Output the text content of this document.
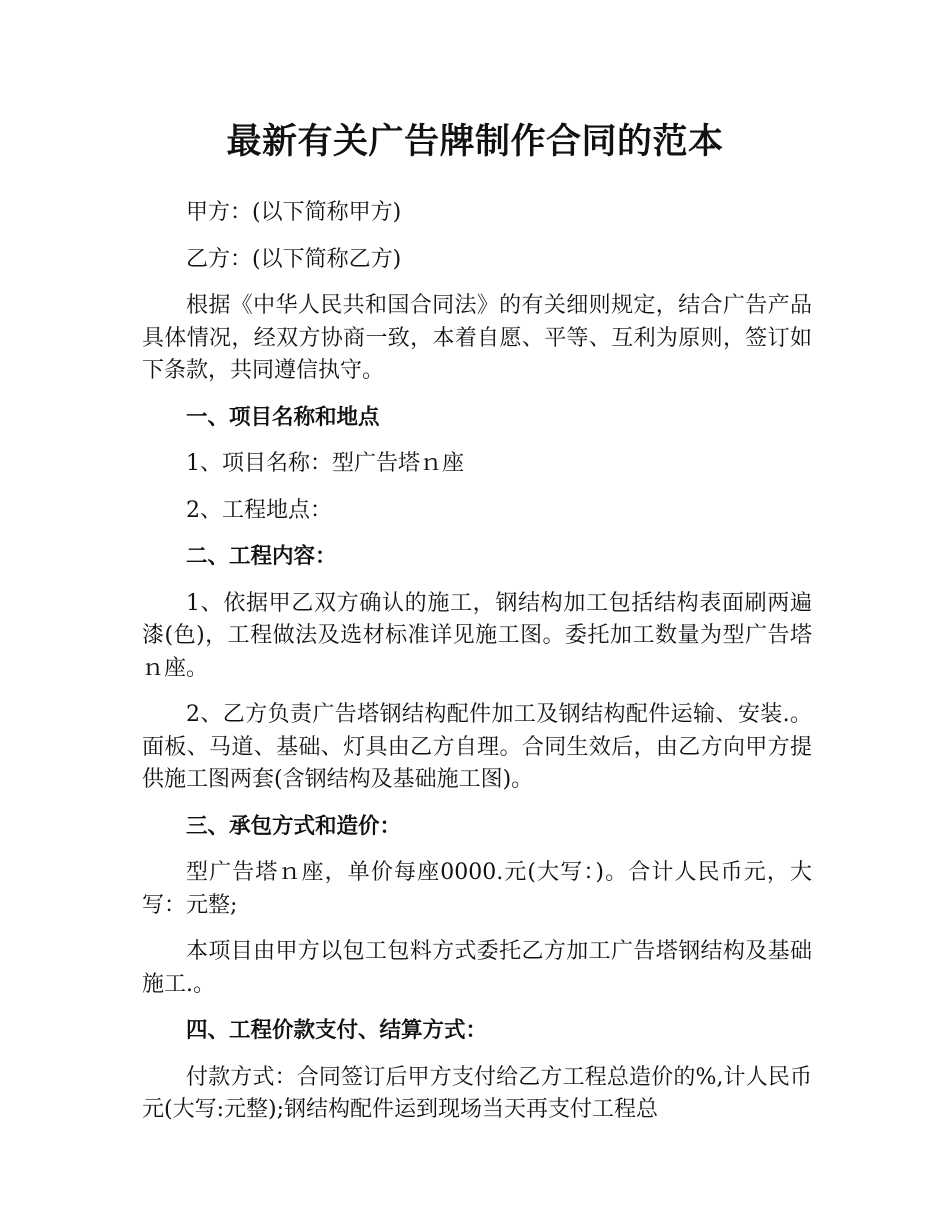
最新有关广告牌制作合同的范本

甲方：(以下简称甲方)

乙方：(以下简称乙方)

根据《中华人民共和国合同法》的有关细则规定，结合广告产品具体情况，经双方协商一致，本着自愿、平等、互利为原则，签订如下条款，共同遵信执守。

一、项目名称和地点

1、项目名称：型广告塔ｎ座

2、工程地点：

二、工程内容：

1、依据甲乙双方确认的施工，钢结构加工包括结构表面刷两遍漆(色)，工程做法及选材标准详见施工图。委托加工数量为型广告塔ｎ座。

2、乙方负责广告塔钢结构配件加工及钢结构配件运输、安装.。面板、马道、基础、灯具由乙方自理。合同生效后，由乙方向甲方提供施工图两套(含钢结构及基础施工图)。

三、承包方式和造价：

型广告塔ｎ座，单价每座0000.元(大写：)。合计人民币元，大写：元整;

本项目由甲方以包工包料方式委托乙方加工广告塔钢结构及基础施工.。

四、工程价款支付、结算方式：

付款方式：合同签订后甲方支付给乙方工程总造价的%,计人民币元(大写:元整);钢结构配件运到现场当天再支付工程总
